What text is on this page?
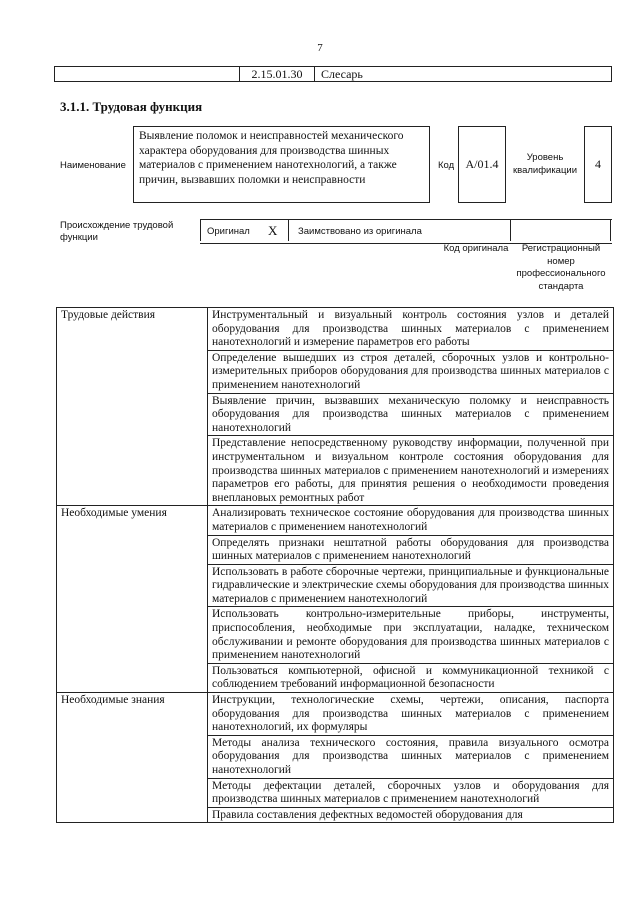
7
2.15.01.30	Слесарь
3.1.1. Трудовая функция
Наименование
Выявление поломок и неисправностей механического характера оборудования для производства шинных материалов с применением нанотехнологий, а также причин, вызвавших поломки и неисправности
Код A/01.4	Уровень квалификации	4
Происхождение трудовой функции
Оригинал X Заимствовано из оригинала
Код оригинала	Регистрационный номер профессионального стандарта
Трудовые действия	Инструментальный и визуальный контроль состояния узлов и деталей оборудования для производства шинных материалов с применением нанотехнологий и измерение параметров его работы
	Определение вышедших из строя деталей, сборочных узлов и контрольно-измерительных приборов оборудования для производства шинных материалов с применением нанотехнологий
	Выявление причин, вызвавших механическую поломку и неисправность оборудования для производства шинных материалов с применением нанотехнологий
	Представление непосредственному руководству информации, полученной при инструментальном и визуальном контроле состояния оборудования для производства шинных материалов с применением нанотехнологий и измерениях параметров его работы, для принятия решения о необходимости проведения внеплановых ремонтных работ
Необходимые умения	Анализировать техническое состояние оборудования для производства шинных материалов с применением нанотехнологий
	Определять признаки нештатной работы оборудования для производства шинных материалов с применением нанотехнологий
	Использовать в работе сборочные чертежи, принципиальные и функциональные гидравлические и электрические схемы оборудования для производства шинных материалов с применением нанотехнологий
	Использовать контрольно-измерительные приборы, инструменты, приспособления, необходимые при эксплуатации, наладке, техническом обслуживании и ремонте оборудования для производства шинных материалов с применением нанотехнологий
	Пользоваться компьютерной, офисной и коммуникационной техникой с соблюдением требований информационной безопасности
Необходимые знания	Инструкции, технологические схемы, чертежи, описания, паспорта оборудования для производства шинных материалов с применением нанотехнологий, их формуляры
	Методы анализа технического состояния, правила визуального осмотра оборудования для производства шинных материалов с применением нанотехнологий
	Методы дефектации деталей, сборочных узлов и оборудования для производства шинных материалов с применением нанотехнологий
	Правила составления дефектных ведомостей оборудования для
